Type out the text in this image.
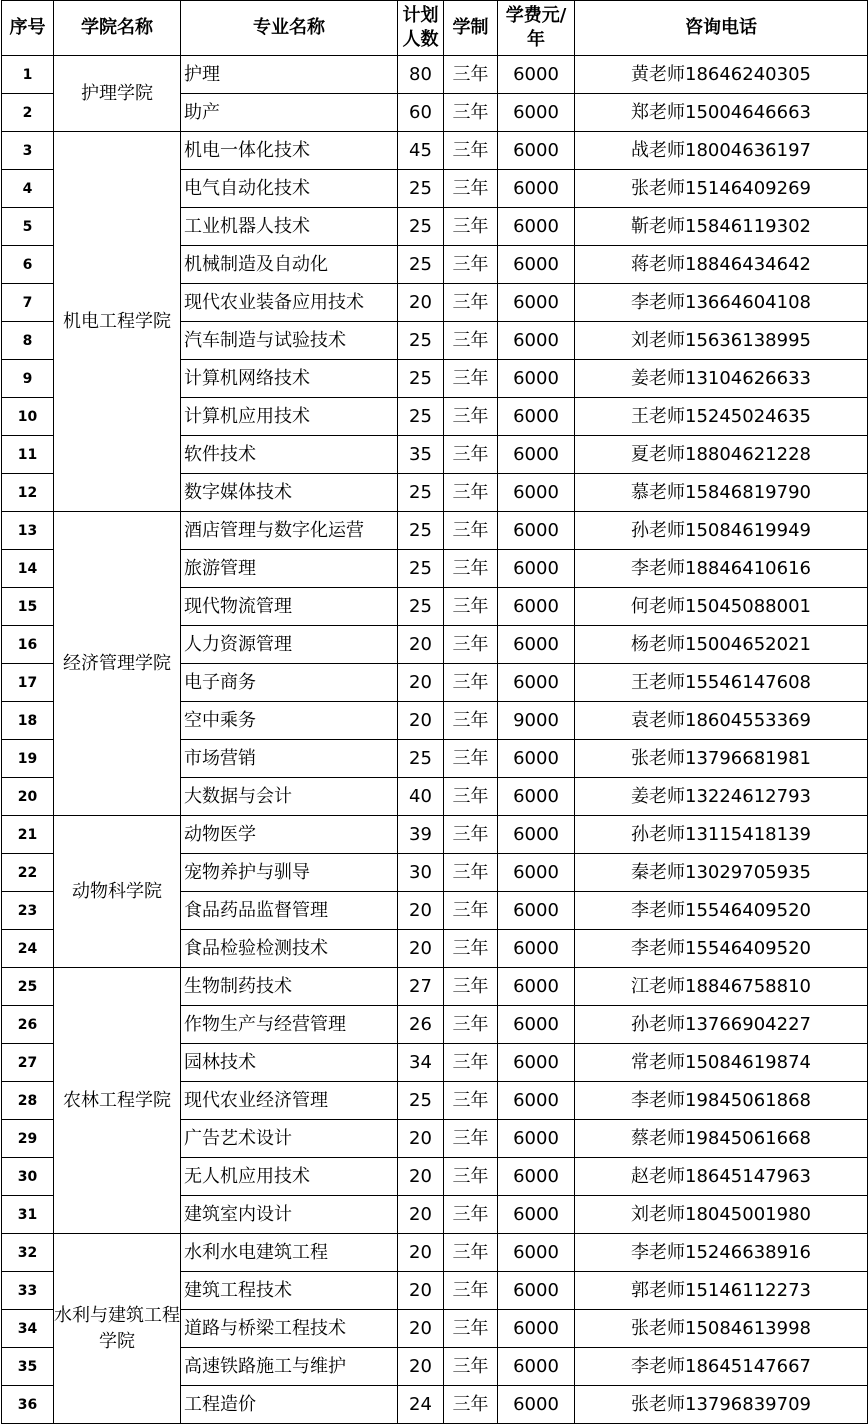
序号	学院名称	专业名称	计划人数	学制	学费元/年	咨询电话
1	护理学院	护理	80	三年	6000	黄老师18646240305
2		助产	60	三年	6000	郑老师15004646663
3	机电工程学院	机电一体化技术	45	三年	6000	战老师18004636197
4		电气自动化技术	25	三年	6000	张老师15146409269
5		工业机器人技术	25	三年	6000	靳老师15846119302
6		机械制造及自动化	25	三年	6000	蒋老师18846434642
7		现代农业装备应用技术	20	三年	6000	李老师13664604108
8		汽车制造与试验技术	25	三年	6000	刘老师15636138995
9		计算机网络技术	25	三年	6000	姜老师13104626633
10		计算机应用技术	25	三年	6000	王老师15245024635
11		软件技术	35	三年	6000	夏老师18804621228
12		数字媒体技术	25	三年	6000	慕老师15846819790
13	经济管理学院	酒店管理与数字化运营	25	三年	6000	孙老师15084619949
14		旅游管理	25	三年	6000	李老师18846410616
15		现代物流管理	25	三年	6000	何老师15045088001
16		人力资源管理	20	三年	6000	杨老师15004652021
17		电子商务	20	三年	6000	王老师15546147608
18		空中乘务	20	三年	9000	袁老师18604553369
19		市场营销	25	三年	6000	张老师13796681981
20		大数据与会计	40	三年	6000	姜老师13224612793
21	动物科学院	动物医学	39	三年	6000	孙老师13115418139
22		宠物养护与驯导	30	三年	6000	秦老师13029705935
23		食品药品监督管理	20	三年	6000	李老师15546409520
24		食品检验检测技术	20	三年	6000	李老师15546409520
25	农林工程学院	生物制药技术	27	三年	6000	江老师18846758810
26		作物生产与经营管理	26	三年	6000	孙老师13766904227
27		园林技术	34	三年	6000	常老师15084619874
28		现代农业经济管理	25	三年	6000	李老师19845061868
29		广告艺术设计	20	三年	6000	蔡老师19845061668
30		无人机应用技术	20	三年	6000	赵老师18645147963
31		建筑室内设计	20	三年	6000	刘老师18045001980
32	水利与建筑工程学院	水利水电建筑工程	20	三年	6000	李老师15246638916
33		建筑工程技术	20	三年	6000	郭老师15146112273
34		道路与桥梁工程技术	20	三年	6000	张老师15084613998
35		高速铁路施工与维护	20	三年	6000	李老师18645147667
36		工程造价	24	三年	6000	张老师13796839709
